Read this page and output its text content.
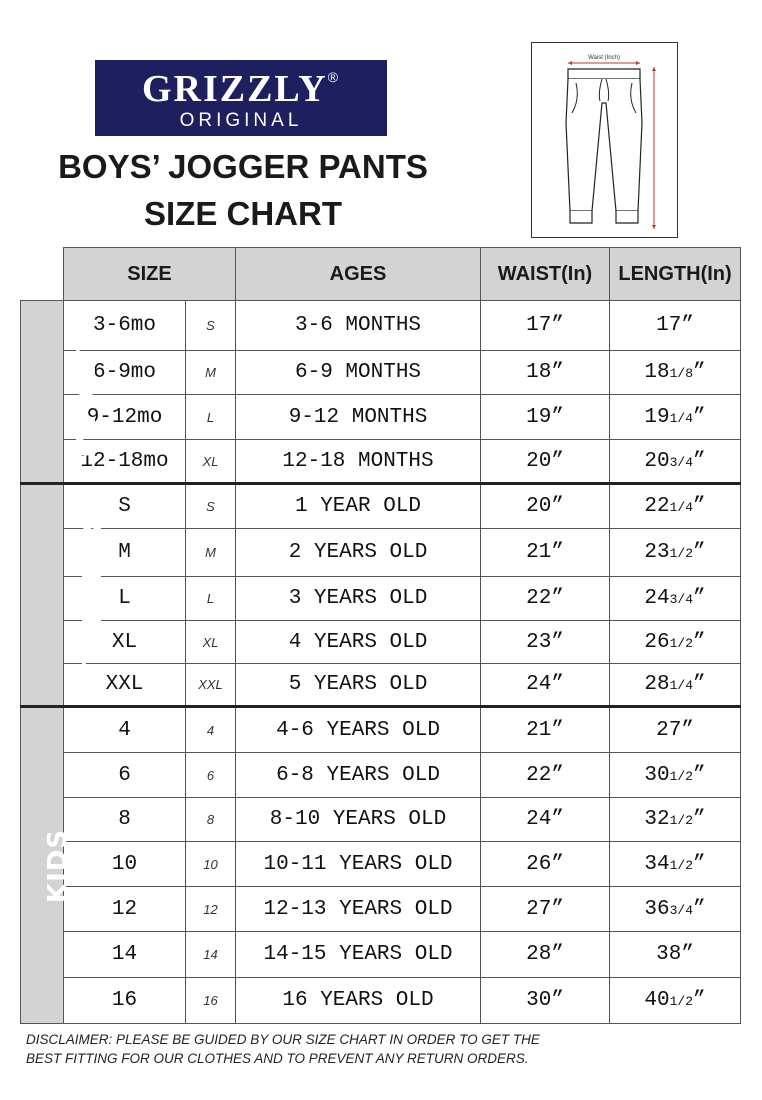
GRIZZLY®
ORIGINAL
BOYS’ JOGGER PANTS
SIZE CHART
Waist (Inch)
	SIZE		AGES	WAIST(In)	LENGTH(In)
INFANTS	3-6mo	S	3-6 MONTHS	17”	17”
	6-9mo	M	6-9 MONTHS	18”	181/8”
	9-12mo	L	9-12 MONTHS	19”	191/4”
	12-18mo	XL	12-18 MONTHS	20”	203/4”
TODDLER	S	S	1 YEAR OLD	20”	221/4”
	M	M	2 YEARS OLD	21”	231/2”
	L	L	3 YEARS OLD	22”	243/4”
	XL	XL	4 YEARS OLD	23”	261/2”
	XXL	XXL	5 YEARS OLD	24”	281/4”
KIDS	4	4	4-6 YEARS OLD	21”	27”
	6	6	6-8 YEARS OLD	22”	301/2”
	8	8	8-10 YEARS OLD	24”	321/2”
	10	10	10-11 YEARS OLD	26”	341/2”
	12	12	12-13 YEARS OLD	27”	363/4”
	14	14	14-15 YEARS OLD	28”	38”
	16	16	16 YEARS OLD	30”	401/2”
DISCLAIMER: PLEASE BE GUIDED BY OUR SIZE CHART IN ORDER TO GET THE
BEST FITTING FOR OUR CLOTHES AND TO PREVENT ANY RETURN ORDERS.
